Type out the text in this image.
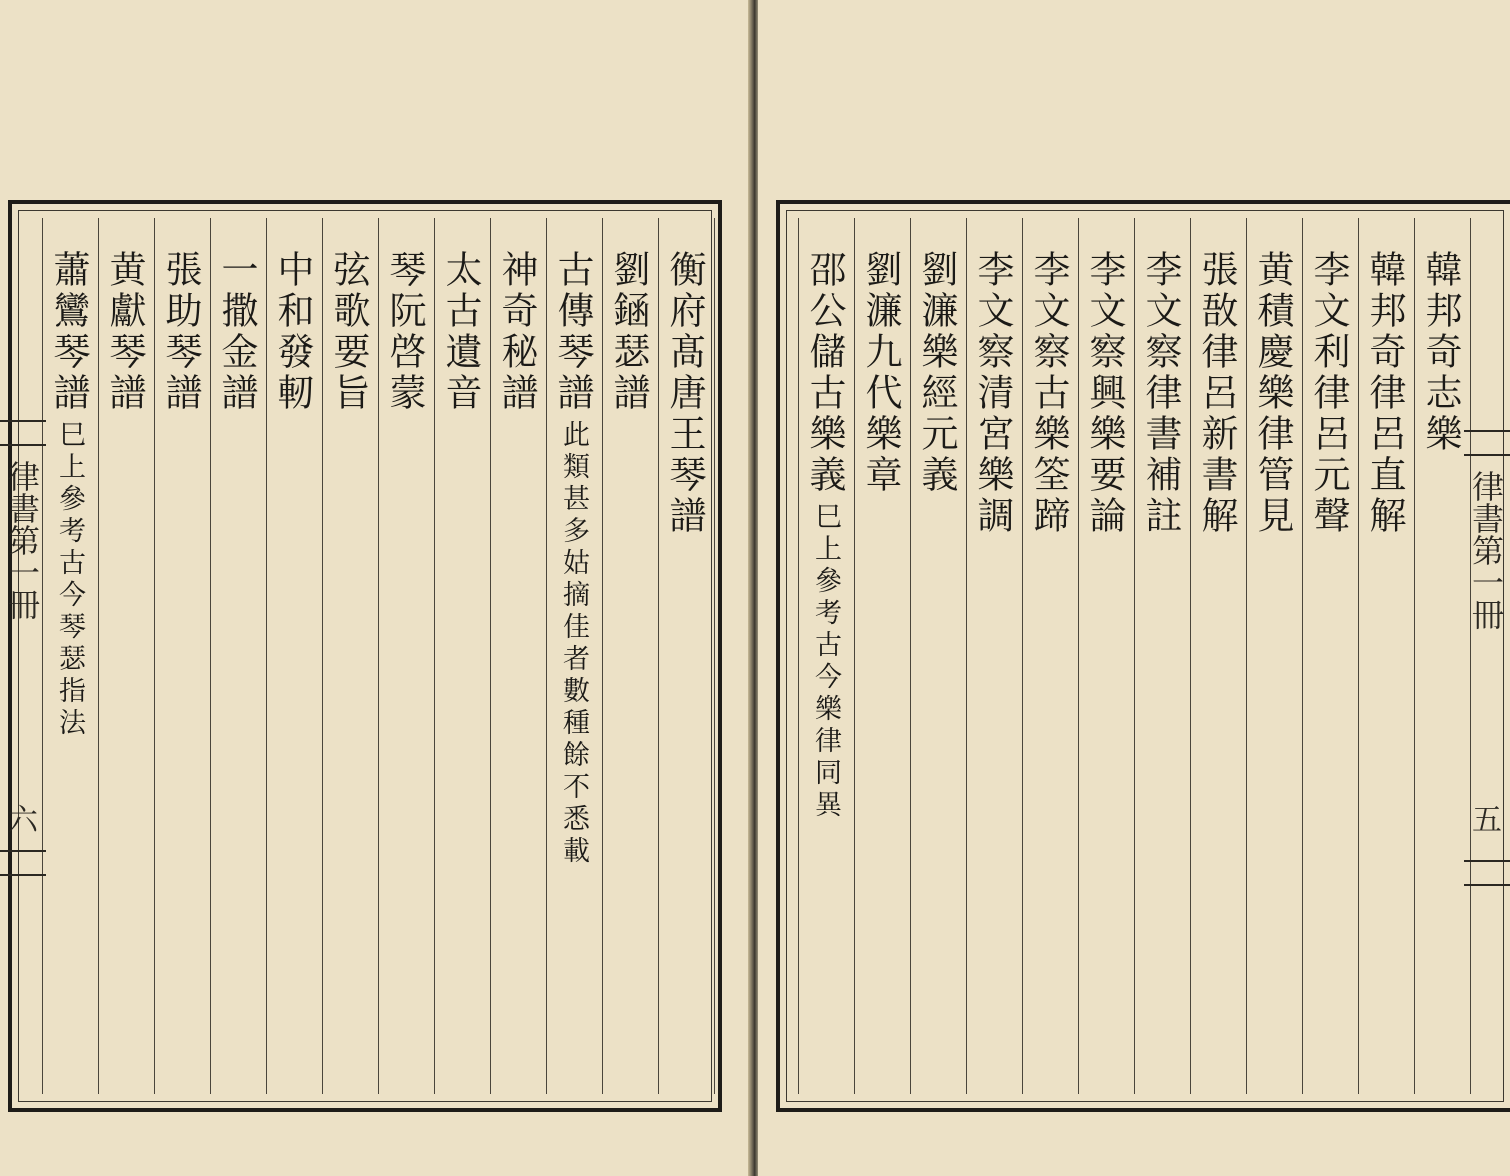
衡府髙唐王琴譜
劉䤴瑟譜
古傳琴譜
此類甚多姑摘佳者數種餘不悉載
神奇秘譜
太古遺音
琴阮啓蒙
弦歌要旨
中和發軔
一撒金譜
張助琴譜
黄獻琴譜
蕭鸞琴譜
巳上參考古今琴瑟指法
律書第一冊
六
韓邦奇志樂
韓邦奇律呂直解
李文利律呂元聲
黄積慶樂律管見
張敔律呂新書解
李文察律書補註
李文察興樂要論
李文察古樂筌蹄
李文察清宮樂調
劉濂樂經元義
劉濂九代樂章
邵公儲古樂義
巳上參考古今樂律同異	律書第一冊
五
